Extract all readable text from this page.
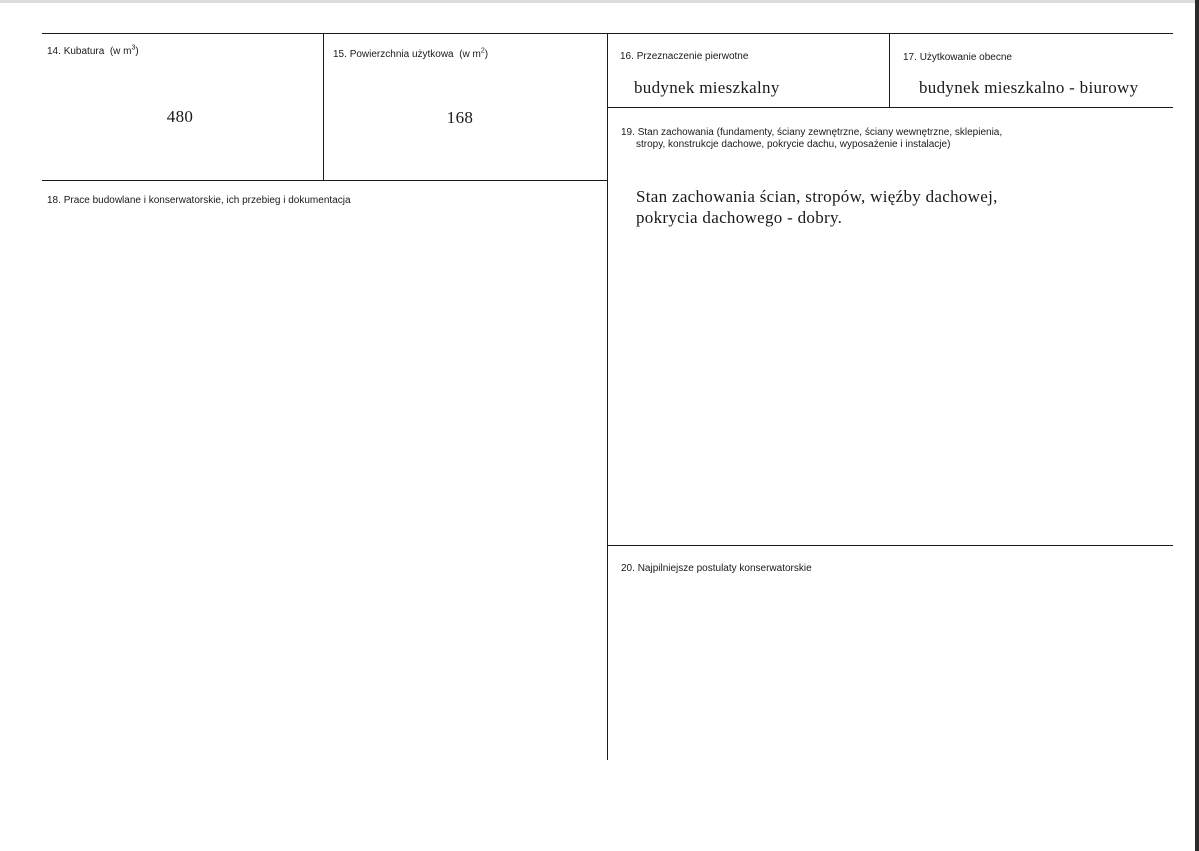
14. Kubatura (w $m^3$)
480
15. Powierzchnia użytkowa (w $m^2$)
168
16. Przeznaczenie pierwotne
budynek mieszkalny
17. Użytkowanie obecne
budynek mieszkalno - biurowy
18. Prace budowlane i konserwatorskie, ich przebieg i dokumentacja
19. Stan zachowania (fundamenty, ściany zewnętrzne, ściany wewnętrzne, sklepienia,
stropy, konstrukcje dachowe, pokrycie dachu, wyposażenie i instalacje)
Stan zachowania ścian, stropów, więźby dachowej,
pokrycia dachowego - dobry.
20. Najpilniejsze postulaty konserwatorskie
